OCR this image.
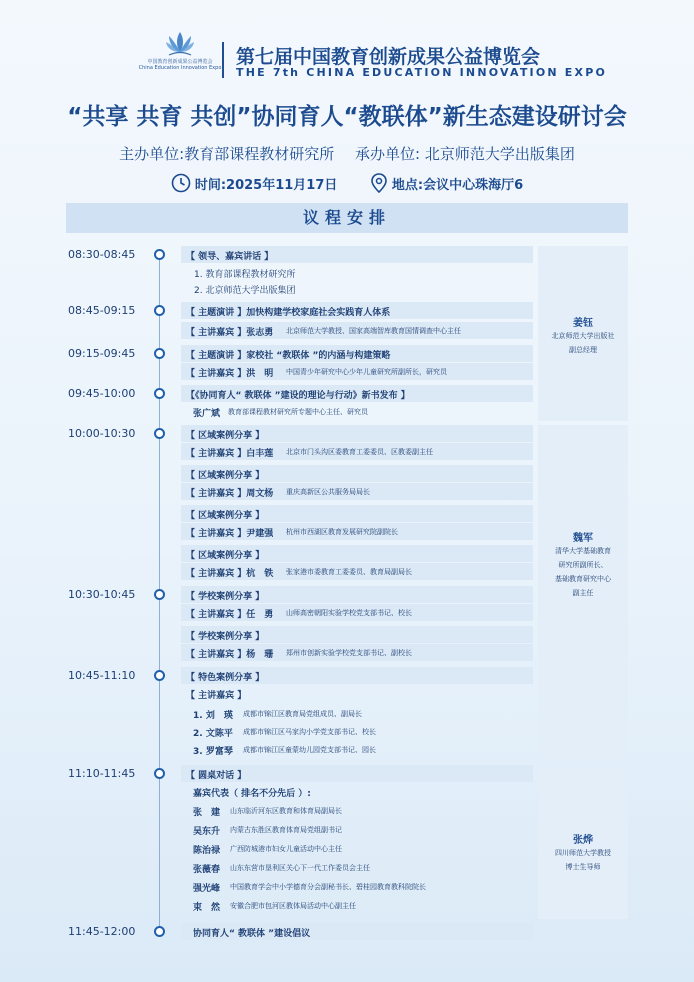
中国教育创新成果公益博览会
China Education Innovation Expo 第七届中国教育创新成果公益博览会
THE 7th CHINA EDUCATION INNOVATION EXPO
“共享 共育 共创”协同育人“教联体”新生态建设研讨会
主办单位:教育部课程教材研究所 承办单位: 北京师范大学出版集团
时间:2025年11月17日
	地点:会议中心珠海厅6
议程安排
08:30-08:45
08:45-09:15
09:15-09:45
09:45-10:00
10:00-10:30
10:30-10:45
10:45-11:10
11:10-11:45
11:45-12:00
【 领导、嘉宾讲话 】
1. 教育部课程教材研究所
2. 北京师范大学出版集团
【 主题演讲 】加快构建学校家庭社会实践育人体系
【 主讲嘉宾 】张志勇 北京师范大学教授、国家高端智库教育国情调查中心主任
【 主题演讲 】家校社 “教联体 ”的内涵与构建策略
【 主讲嘉宾 】洪　明 中国青少年研究中心少年儿童研究所副所长，研究员
【《协同育人“ 教联体 ”建设的理论与行动》新书发布 】
张广斌 教育部课程教材研究所专题中心主任、研究员
【 区域案例分享 】
【 主讲嘉宾 】白丰莲 北京市门头沟区委教育工委委员、区教委副主任
【 区域案例分享 】
【 主讲嘉宾 】周文杨 重庆高新区公共服务局局长
【 区域案例分享 】
【 主讲嘉宾 】尹建强 杭州市西湖区教育发展研究院副院长
【 区域案例分享 】
【 主讲嘉宾 】杭　铁 张家港市委教育工委委员、教育局副局长
【 学校案例分享 】
【 主讲嘉宾 】任　勇 山师高密朝阳实验学校党支部书记、校长
【 学校案例分享 】
【 主讲嘉宾 】杨　珊 郑州市创新实验学校党支部书记、副校长
【 特色案例分享 】
【 主讲嘉宾 】
1. 刘　瑛 成都市锦江区教育局党组成员、副局长
2. 文陈平 成都市锦江区马家沟小学党支部书记、校长
3. 罗富琴 成都市锦江区童蒙幼儿园党支部书记、园长
【 圆桌对话 】
嘉宾代表（ 排名不分先后 ）:
张　建 山东临沂河东区教育和体育局副局长
吴东升 内蒙古东胜区教育体育局党组副书记
陈治禄 广西防城港市妇女儿童活动中心主任
张薇春 山东东营市垦利区关心下一代工作委员会主任
强光峰 中国教育学会中小学德育分会副秘书长、碧桂园教育教科院院长
束　然 安徽合肥市包河区教体局活动中心副主任
协同育人“ 教联体 ”建设倡议
姜钰
北京师范大学出版社
副总经理
魏军
清华大学基础教育
研究所副所长、
基础教育研究中心
副主任
张烨
四川师范大学教授
博士生导师
